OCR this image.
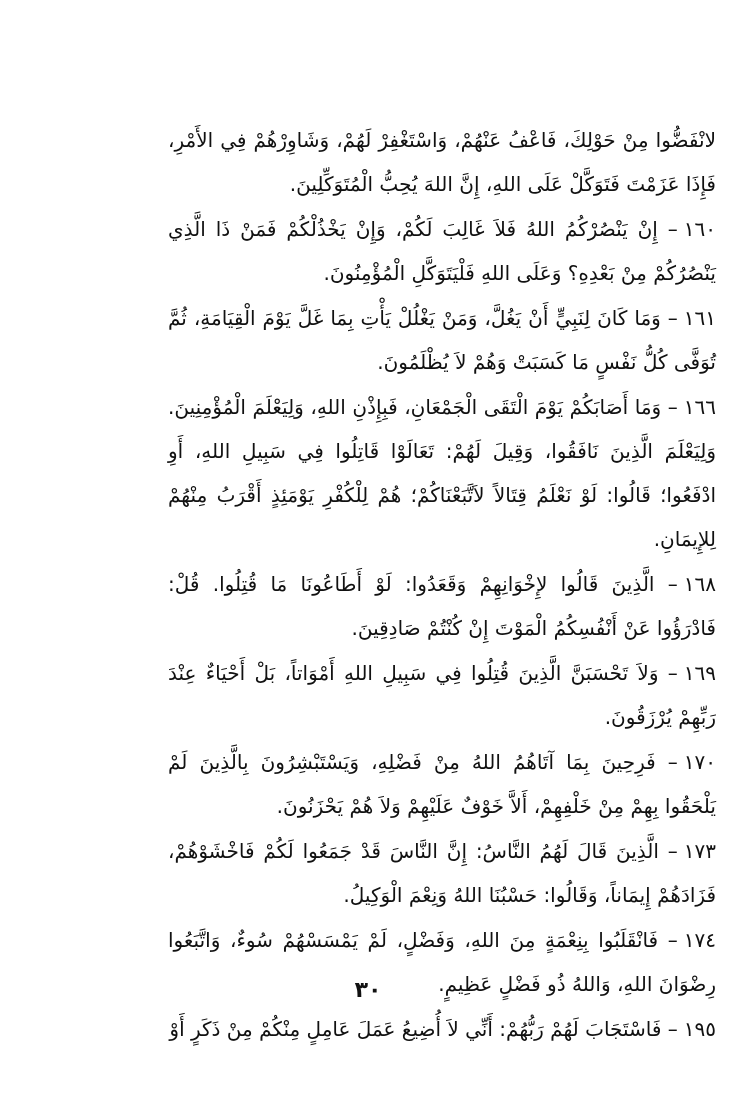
لانْفَضُّوا مِنْ حَوْلِكَ، فَاعْفُ عَنْهُمْ، وَاسْتَغْفِرْ لَهُمْ، وَشَاوِرْهُمْ فِي الأَمْرِ، فَإِذَا عَزَمْتَ فَتَوَكَّلْ عَلَى اللهِ، إِنَّ اللهَ يُحِبُّ الْمُتَوَكِّلِينَ.

١٦٠– إِنْ يَنْصُرْكُمُ اللهُ فَلاَ غَالِبَ لَكُمْ، وَإِنْ يَخْذُلْكُمْ فَمَنْ ذَا الَّذِي يَنْصُرُكُمْ مِنْ بَعْدِهِ؟ وَعَلَى اللهِ فَلْيَتَوَكَّلِ الْمُؤْمِنُونَ.

١٦١– وَمَا كَانَ لِنَبِيٍّ أَنْ يَغُلَّ، وَمَنْ يَغْلُلْ يَأْتِ بِمَا غَلَّ يَوْمَ الْقِيَامَةِ، ثُمَّ تُوَفَّى كُلُّ نَفْسٍ مَا كَسَبَتْ وَهُمْ لاَ يُظْلَمُونَ.

١٦٦– وَمَا أَصَابَكُمْ يَوْمَ الْتَقَى الْجَمْعَانِ، فَبِإِذْنِ اللهِ، وَلِيَعْلَمَ الْمُؤْمِنِينَ. وَلِيَعْلَمَ الَّذِينَ نَافَقُوا، وَقِيلَ لَهُمْ: تَعَالَوْا قَاتِلُوا فِي سَبِيلِ اللهِ، أَوِ ادْفَعُوا؛ قَالُوا: لَوْ نَعْلَمُ قِتَالاً لاَتَّبَعْنَاكُمْ؛ هُمْ لِلْكُفْرِ يَوْمَئِذٍ أَقْرَبُ مِنْهُمْ لِلإِيمَانِ.

١٦٨– الَّذِينَ قَالُوا لإِخْوَانِهِمْ وَقَعَدُوا: لَوْ أَطَاعُونَا مَا قُتِلُوا. قُلْ: فَادْرَؤُوا عَنْ أَنْفُسِكُمُ الْمَوْتَ إِنْ كُنْتُمْ صَادِقِينَ.

١٦٩– وَلاَ تَحْسَبَنَّ الَّذِينَ قُتِلُوا فِي سَبِيلِ اللهِ أَمْوَاتاً، بَلْ أَحْيَاءٌ عِنْدَ رَبِّهِمْ يُرْزَقُونَ.

١٧٠– فَرِحِينَ بِمَا آتَاهُمُ اللهُ مِنْ فَضْلِهِ، وَيَسْتَبْشِرُونَ بِالَّذِينَ لَمْ يَلْحَقُوا بِهِمْ مِنْ خَلْفِهِمْ، أَلاَّ خَوْفٌ عَلَيْهِمْ وَلاَ هُمْ يَحْزَنُونَ.

١٧٣– الَّذِينَ قَالَ لَهُمُ النَّاسُ: إِنَّ النَّاسَ قَدْ جَمَعُوا لَكُمْ فَاخْشَوْهُمْ، فَزَادَهُمْ إِيمَاناً، وَقَالُوا: حَسْبُنَا اللهُ وَنِعْمَ الْوَكِيلُ.

١٧٤– فَانْقَلَبُوا بِنِعْمَةٍ مِنَ اللهِ، وَفَضْلٍ، لَمْ يَمْسَسْهُمْ سُوءٌ، وَاتَّبَعُوا رِضْوَانَ اللهِ، وَاللهُ ذُو فَضْلٍ عَظِيمٍ.

١٩٥– فَاسْتَجَابَ لَهُمْ رَبُّهُمْ: أَنِّي لاَ أُضِيعُ عَمَلَ عَامِلٍ مِنْكُمْ مِنْ ذَكَرٍ أَوْ

٣٠
